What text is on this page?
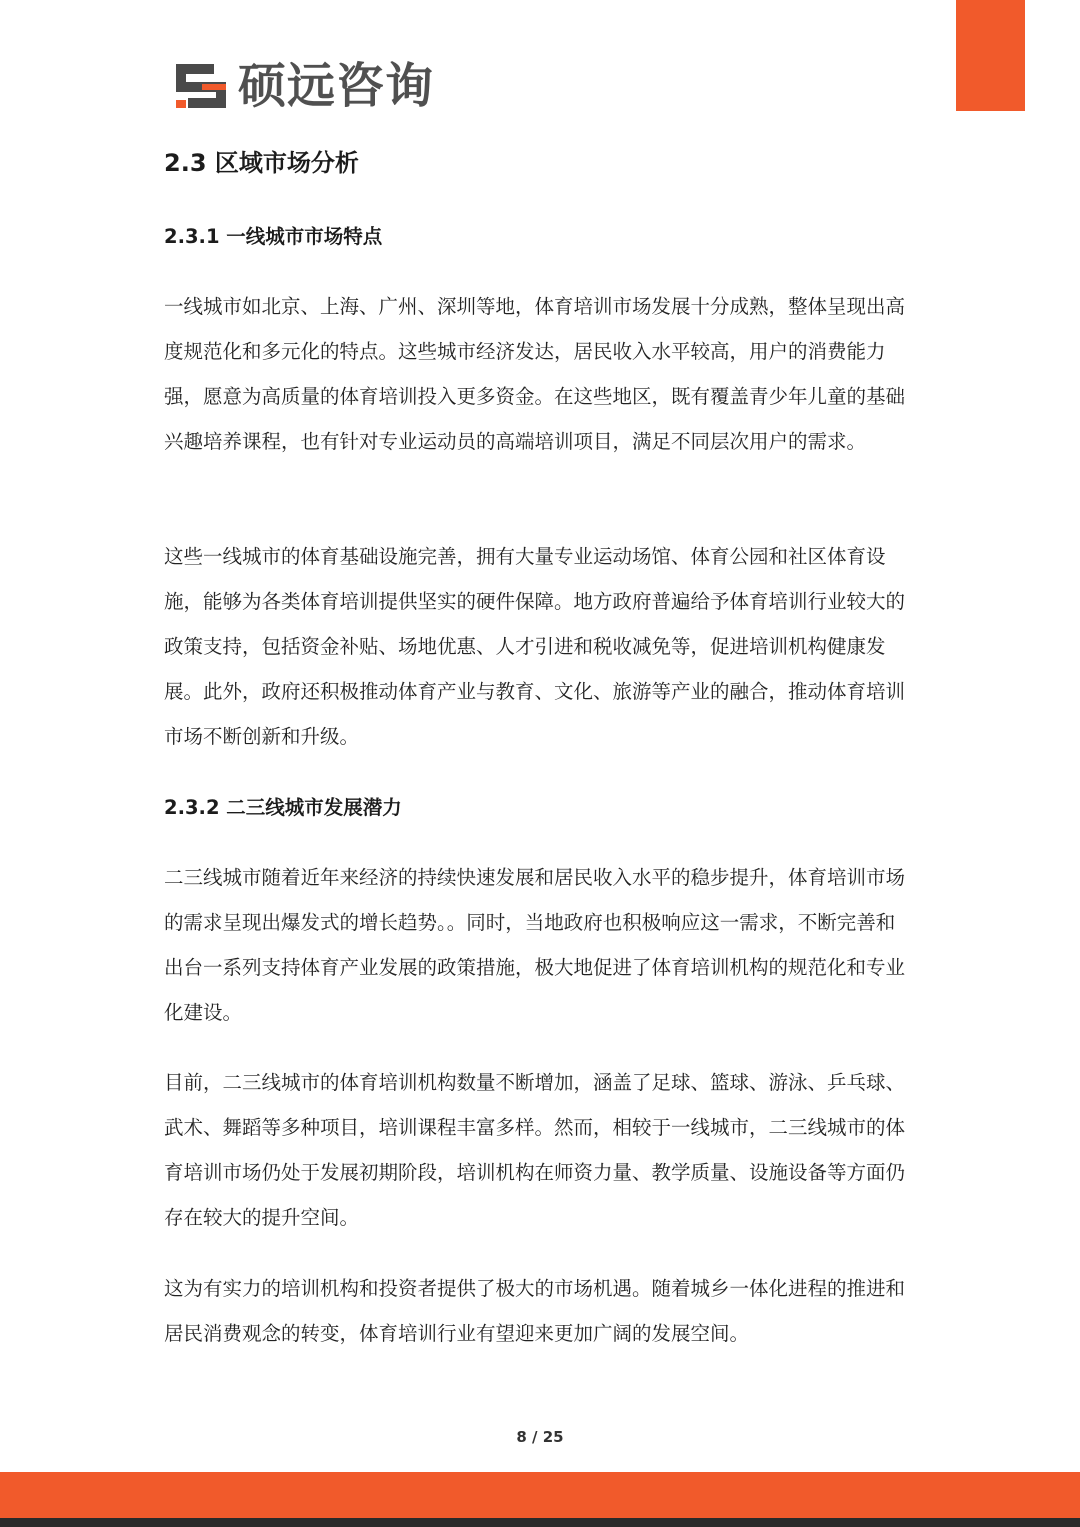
硕远咨询
2.3 区域市场分析
2.3.1 一线城市市场特点

一线城市如北京、上海、广州、深圳等地，体育培训市场发展十分成熟，整体呈现出高度规范化和多元化的特点。这些城市经济发达，居民收入水平较高，用户的消费能力强，愿意为高质量的体育培训投入更多资金。在这些地区，既有覆盖青少年儿童的基础兴趣培养课程，也有针对专业运动员的高端培训项目，满足不同层次用户的需求。

这些一线城市的体育基础设施完善，拥有大量专业运动场馆、体育公园和社区体育设施，能够为各类体育培训提供坚实的硬件保障。地方政府普遍给予体育培训行业较大的政策支持，包括资金补贴、场地优惠、人才引进和税收减免等，促进培训机构健康发展。此外，政府还积极推动体育产业与教育、文化、旅游等产业的融合，推动体育培训市场不断创新和升级。

2.3.2 二三线城市发展潜力

二三线城市随着近年来经济的持续快速发展和居民收入水平的稳步提升，体育培训市场的需求呈现出爆发式的增长趋势。。同时，当地政府也积极响应这一需求，不断完善和出台一系列支持体育产业发展的政策措施，极大地促进了体育培训机构的规范化和专业化建设。

目前，二三线城市的体育培训机构数量不断增加，涵盖了足球、篮球、游泳、乒乓球、武术、舞蹈等多种项目，培训课程丰富多样。然而，相较于一线城市，二三线城市的体育培训市场仍处于发展初期阶段，培训机构在师资力量、教学质量、设施设备等方面仍存在较大的提升空间。

这为有实力的培训机构和投资者提供了极大的市场机遇。随着城乡一体化进程的推进和居民消费观念的转变，体育培训行业有望迎来更加广阔的发展空间。

8 / 25
